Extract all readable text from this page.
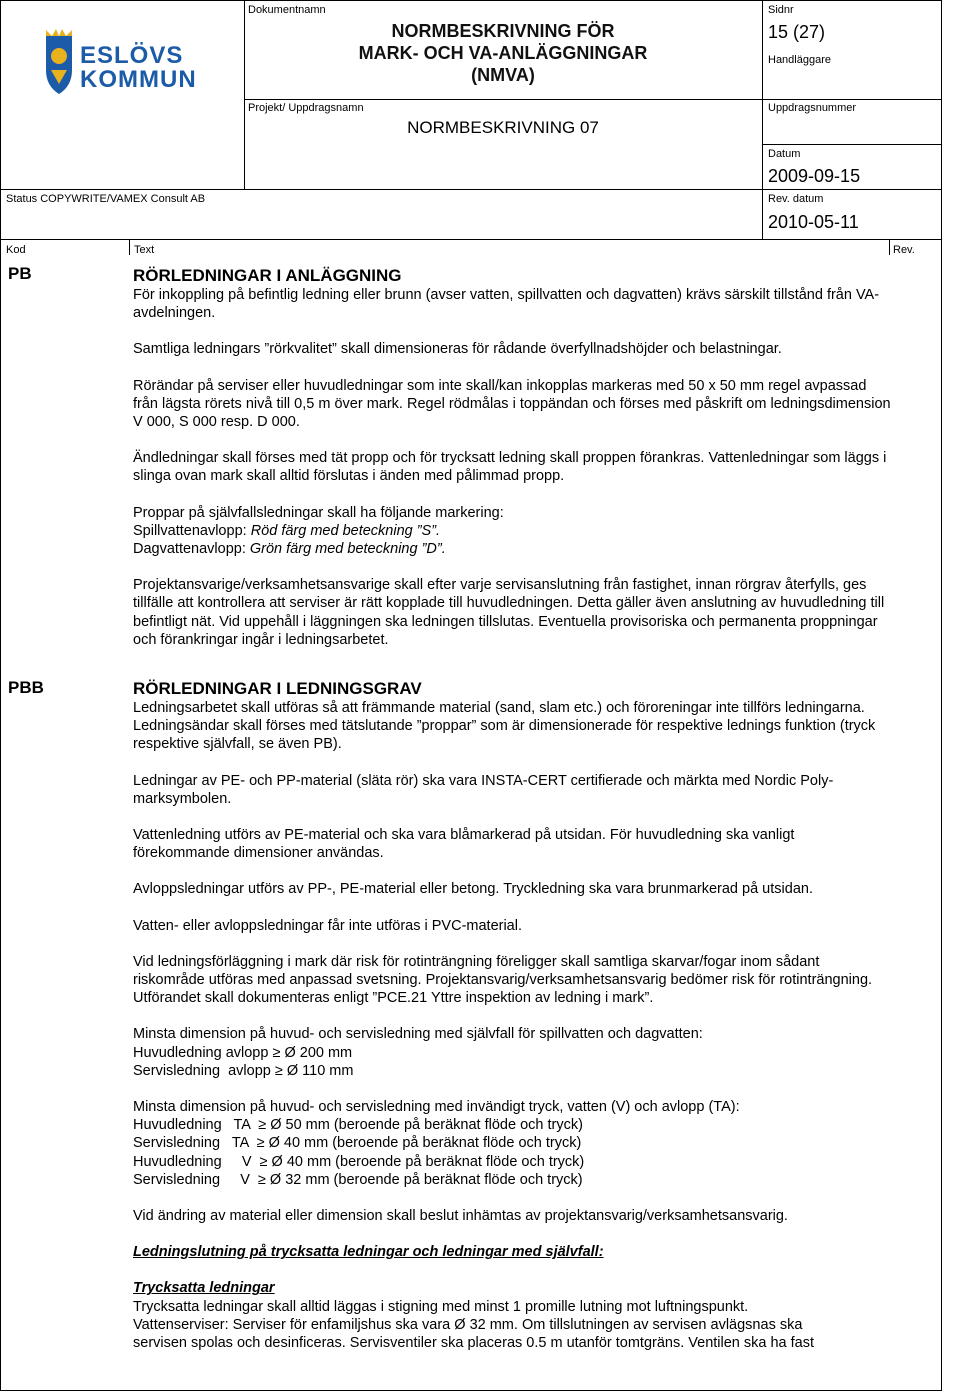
ESLÖVS
KOMMUN
Dokumentnamn
NORMBESKRIVNING FÖR
MARK- OCH VA-ANLÄGGNINGAR
(NMVA)
Projekt/ Uppdragsnamn
NORMBESKRIVNING 07
Sidnr
15 (27)
Handläggare
Uppdragsnummer
Datum
2009-09-15
Status COPYWRITE/VAMEX Consult AB	Rev. datum
2010-05-11
Kod	Text	Rev.
PB	RÖRLEDNINGAR I ANLÄGGNING

För inkoppling på befintlig ledning eller brunn (avser vatten, spillvatten och dagvatten) krävs särskilt tillstånd från VA-avdelningen.

Samtliga ledningars ”rörkvalitet” skall dimensioneras för rådande överfyllnadshöjder och belastningar.

Rörändar på serviser eller huvudledningar som inte skall/kan inkopplas markeras med 50 x 50 mm regel avpassad från lägsta rörets nivå till 0,5 m över mark. Regel rödmålas i toppändan och förses med påskrift om ledningsdimension V 000, S 000 resp. D 000.

Ändledningar skall förses med tät propp och för trycksatt ledning skall proppen förankras. Vattenledningar som läggs i slinga ovan mark skall alltid förslutas i änden med pålimmad propp.

Proppar på självfallsledningar skall ha följande markering:

Spillvattenavlopp: Röd färg med beteckning ”S”.

Dagvattenavlopp: Grön färg med beteckning ”D”.

Projektansvarige/verksamhetsansvarige skall efter varje servisanslutning från fastighet, innan rörgrav återfylls, ges tillfälle att kontrollera att serviser är rätt kopplade till huvudledningen. Detta gäller även anslutning av huvudledning till befintligt nät. Vid uppehåll i läggningen ska ledningen tillslutas. Eventuella provisoriska och permanenta proppningar och förankringar ingår i ledningsarbetet.

PBB	RÖRLEDNINGAR I LEDNINGSGRAV

Ledningsarbetet skall utföras så att främmande material (sand, slam etc.) och föroreningar inte tillförs ledningarna. Ledningsändar skall förses med tätslutande ”proppar” som är dimensionerade för respektive lednings funktion (tryck respektive självfall, se även PB).

Ledningar av PE- och PP-material (släta rör) ska vara INSTA-CERT certifierade och märkta med Nordic Poly-marksymbolen.

Vattenledning utförs av PE-material och ska vara blåmarkerad på utsidan. För huvudledning ska vanligt förekommande dimensioner användas.

Avloppsledningar utförs av PP-, PE-material eller betong. Tryckledning ska vara brunmarkerad på utsidan.

Vatten- eller avloppsledningar får inte utföras i PVC-material.

Vid ledningsförläggning i mark där risk för rotinträngning föreligger skall samtliga skarvar/fogar inom sådant riskområde utföras med anpassad svetsning. Projektansvarig/verksamhetsansvarig bedömer risk för rotinträngning. Utförandet skall dokumenteras enligt ”PCE.21 Yttre inspektion av ledning i mark”.

Minsta dimension på huvud- och servisledning med självfall för spillvatten och dagvatten:

Huvudledning avlopp ≥ Ø 200 mm

Servisledning  avlopp ≥ Ø 110 mm

Minsta dimension på huvud- och servisledning med invändigt tryck, vatten (V) och avlopp (TA):

Huvudledning   TA  ≥ Ø 50 mm (beroende på beräknat flöde och tryck)

Servisledning   TA  ≥ Ø 40 mm (beroende på beräknat flöde och tryck)

Huvudledning     V  ≥ Ø 40 mm (beroende på beräknat flöde och tryck)

Servisledning     V  ≥ Ø 32 mm (beroende på beräknat flöde och tryck)

Vid ändring av material eller dimension skall beslut inhämtas av projektansvarig/verksamhetsansvarig.

Ledningslutning på trycksatta ledningar och ledningar med självfall:

Trycksatta ledningar

Trycksatta ledningar skall alltid läggas i stigning med minst 1 promille lutning mot luftningspunkt.

Vattenserviser: Serviser för enfamiljshus ska vara Ø 32 mm. Om tillslutningen av servisen avlägsnas ska

servisen spolas och desinficeras. Servisventiler ska placeras 0.5 m utanför tomtgräns. Ventilen ska ha fast
